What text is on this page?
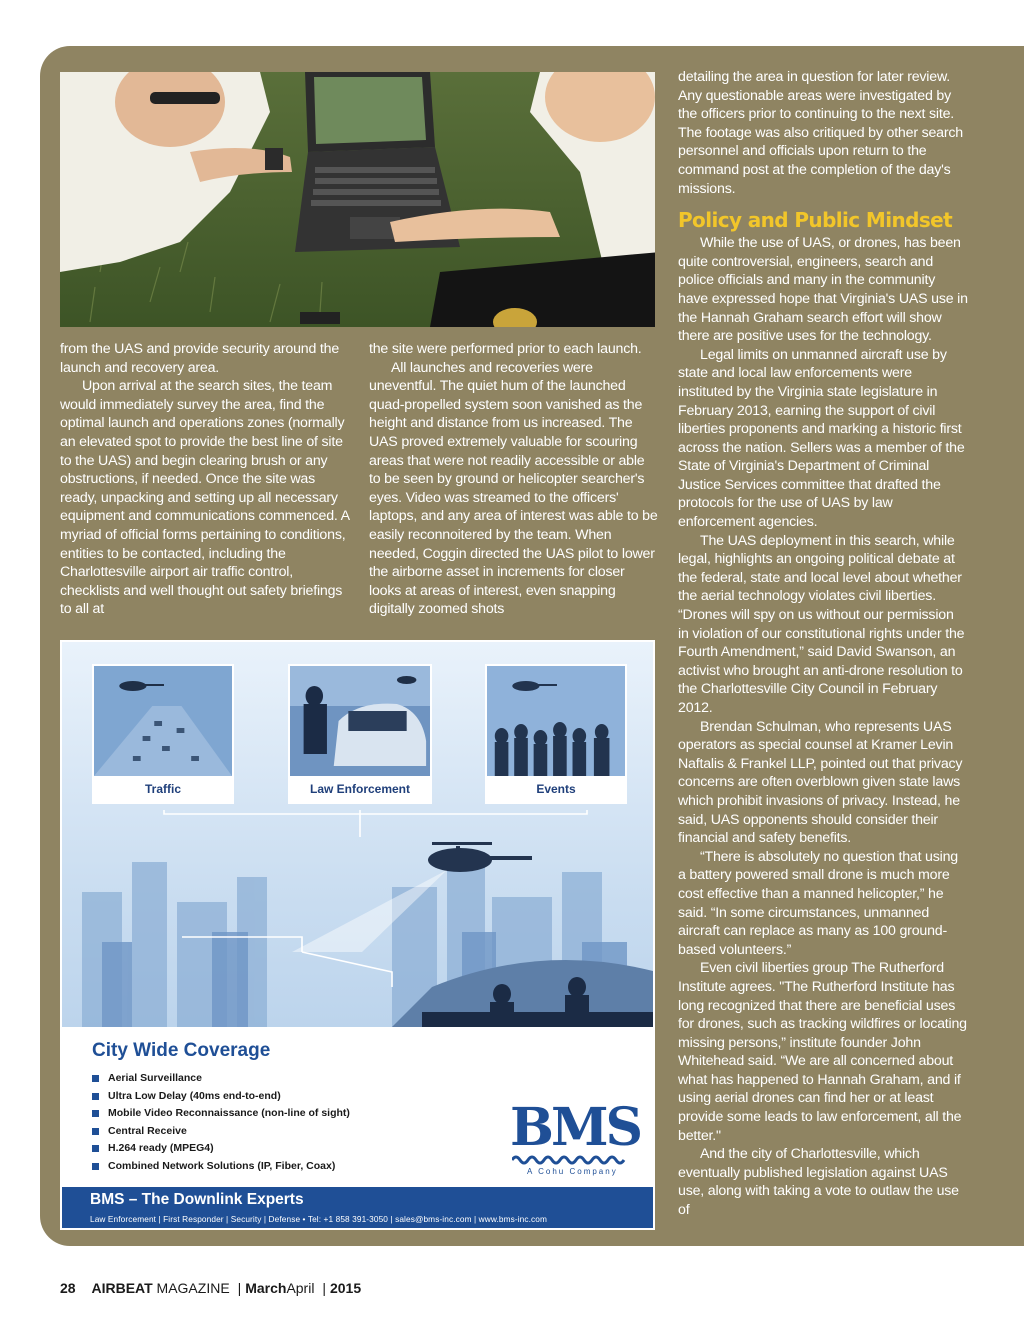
from the UAS and provide security around the launch and recovery area.

Upon arrival at the search sites, the team would immediately survey the area, find the optimal launch and operations zones (normally an elevated spot to provide the best line of site to the UAS) and begin clearing brush or any obstructions, if needed. Once the site was ready, unpacking and setting up all necessary equipment and communications commenced. A myriad of official forms pertaining to conditions, entities to be contacted, including the Charlottesville airport air traffic control, checklists and well thought out safety briefings to all at

the site were performed prior to each launch.

All launches and recoveries were uneventful. The quiet hum of the launched quad-propelled system soon vanished as the height and distance from us increased. The UAS proved extremely valuable for scouring areas that were not readily accessible or able to be seen by ground or helicopter searcher's eyes. Video was streamed to the officers' laptops, and any area of interest was able to be easily reconnoitered by the team. When needed, Coggin directed the UAS pilot to lower the airborne asset in increments for closer looks at areas of interest, even snapping digitally zoomed shots

detailing the area in question for later review. Any questionable areas were investigated by the officers prior to continuing to the next site. The footage was also critiqued by other search personnel and officials upon return to the command post at the completion of the day's missions.

Policy and Public Mindset

While the use of UAS, or drones, has been quite controversial, engineers, search and police officials and many in the community have expressed hope that Virginia's UAS use in the Hannah Graham search effort will show there are positive uses for the technology.

Legal limits on unmanned aircraft use by state and local law enforcements were instituted by the Virginia state legislature in February 2013, earning the support of civil liberties proponents and marking a historic first across the nation. Sellers was a member of the State of Virginia's Department of Criminal Justice Services committee that drafted the protocols for the use of UAS by law enforcement agencies.

The UAS deployment in this search, while legal, highlights an ongoing political debate at the federal, state and local level about whether the aerial technology violates civil liberties. “Drones will spy on us without our permission in violation of our constitutional rights under the Fourth Amendment,” said David Swanson, an activist who brought an anti-drone resolution to the Charlottesville City Council in February 2012.

Brendan Schulman, who represents UAS operators as special counsel at Kramer Levin Naftalis & Frankel LLP, pointed out that privacy concerns are often overblown given state laws which prohibit invasions of privacy. Instead, he said, UAS opponents should consider their financial and safety benefits.

“There is absolutely no question that using a battery powered small drone is much more cost effective than a manned helicopter,” he said. “In some circumstances, unmanned aircraft can replace as many as 100 ground-based volunteers.”

Even civil liberties group The Rutherford Institute agrees. "The Rutherford Institute has long recognized that there are beneficial uses for drones, such as tracking wildfires or locating missing persons,” institute founder John Whitehead said. “We are all concerned about what has happened to Hannah Graham, and if using aerial drones can find her or at least provide some leads to law enforcement, all the better."

And the city of Charlottesville, which eventually published legislation against UAS use, along with taking a vote to outlaw the use of

Traffic	Law Enforcement	Events
City Wide Coverage
Aerial Surveillance
Ultra Low Delay (40ms end-to-end)
Mobile Video Reconnaissance (non-line of sight)
Central Receive
H.264 ready (MPEG4)
Combined Network Solutions (IP, Fiber, Coax)
BMS
A Cohu Company
BMS – The Downlink Experts
Law Enforcement | First Responder | Security | Defense • Tel: +1 858 391-3050 | sales@bms-inc.com | www.bms-inc.com
28 AIRBEAT MAGAZINE | MarchApril | 2015
